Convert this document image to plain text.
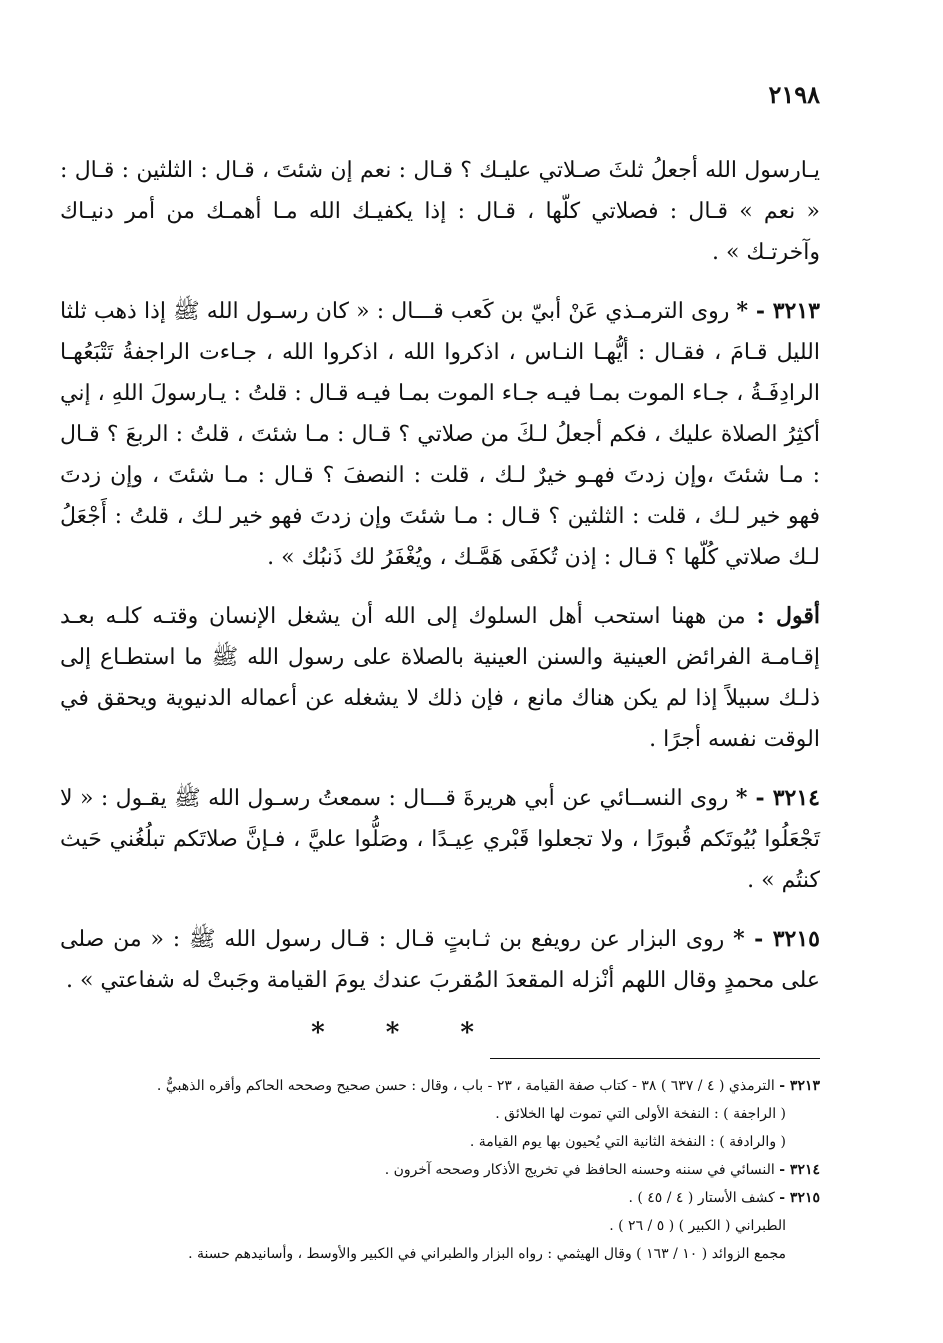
٢١٩٨

يـارسول الله أجعلُ ثلثَ صـلاتي عليـك ؟ قـال : نعم إن شئتَ ، قـال : الثلثين : قـال : « نعم » قـال : فصلاتي كلّها ، قـال : إذا يكفيـك الله مـا أهمـك من أمر دنيـاك وآخرتـك » .

٣٢١٣ - * روى الترمـذي عَنْ أبيّ بن كَعب قـــال : « كان رسـول الله ﷺ إذا ذهب ثلثا الليل قـامَ ، فقـال : أيُّهـا النـاس ، اذكروا الله ، اذكروا الله ، جـاءت الراجفةُ تَتْبَعُهـا الرادِفَـةُ ، جـاء الموت بمـا فيـه جـاء الموت بمـا فيـه قـال : قلتُ : يـارسولَ اللهِ ، إني أكثِرُ الصلاة عليك ، فكم أجعلُ لـكَ من صلاتي ؟ قـال : مـا شئتَ ، قلتُ : الربعَ ؟ قـال : مـا شئتَ ،وإن زدتَ فهـو خيرٌ لـك ، قلت : النصفَ ؟ قـال : مـا شئتَ ، وإن زدتَ فهو خير لـك ، قلت : الثلثين ؟ قـال : مـا شئتَ وإن زدتَ فهو خير لـك ، قلتُ : أَجْعَلُ لـك صلاتي كُلّها ؟ قـال : إذن تُكفَى هَمَّـك ، ويُغْفَرُ لك ذَنبُك » .

أقول : من ههنا استحب أهل السلوك إلى الله أن يشغل الإنسان وقتـه كلـه بعـد إقـامـة الفرائض العينية والسنن العينية بالصلاة على رسول الله ﷺ ما استطـاع إلى ذلـك سبيلاً إذا لم يكن هناك مانع ، فإن ذلك لا يشغله عن أعماله الدنيوية ويحقق في الوقت نفسه أجرًا .

٣٢١٤ - * روى النســائي عن أبي هريرةَ قـــال : سمعتُ رسـول الله ﷺ يقـول : « لا تَجْعَلُوا بُيُوتَكم قُبورًا ، ولا تجعلوا قَبْري عِيـدًا ، وصَلُّوا عليَّ ، فـإنَّ صلاتَكم تبلُغُني حَيث كنتُم » .

٣٢١٥ - * روى البزار عن رويفع بن ثـابتٍ قـال : قـال رسول الله ﷺ : « من صلى على محمدٍ وقال اللهم أنْزله المقعدَ المُقربَ عندك يومَ القيامة وجَبتْ له شفاعتي » .

* * *

٣٢١٣ - الترمذي ( ٤ / ٦٣٧ ) ٣٨ - كتاب صفة القيامة ، ٢٣ - باب ، وقال : حسن صحيح وصححه الحاكم وأقره الذهبيُّ .

( الراجفة ) : النفخة الأولى التي تموت لها الخلائق .

( والرادفة ) : النفخة الثانية التي يُحيون بها يوم القيامة .

٣٢١٤ - النسائي في سننه وحسنه الحافظ في تخريج الأذكار وصححه آخرون .

٣٢١٥ - كشف الأستار ( ٤ / ٤٥ ) .

الطبراني ( الكبير ) ( ٥ / ٢٦ ) .

مجمع الزوائد ( ١٠ / ١٦٣ ) وقال الهيثمي : رواه البزار والطبراني في الكبير والأوسط ، وأسانيدهم حسنة .
